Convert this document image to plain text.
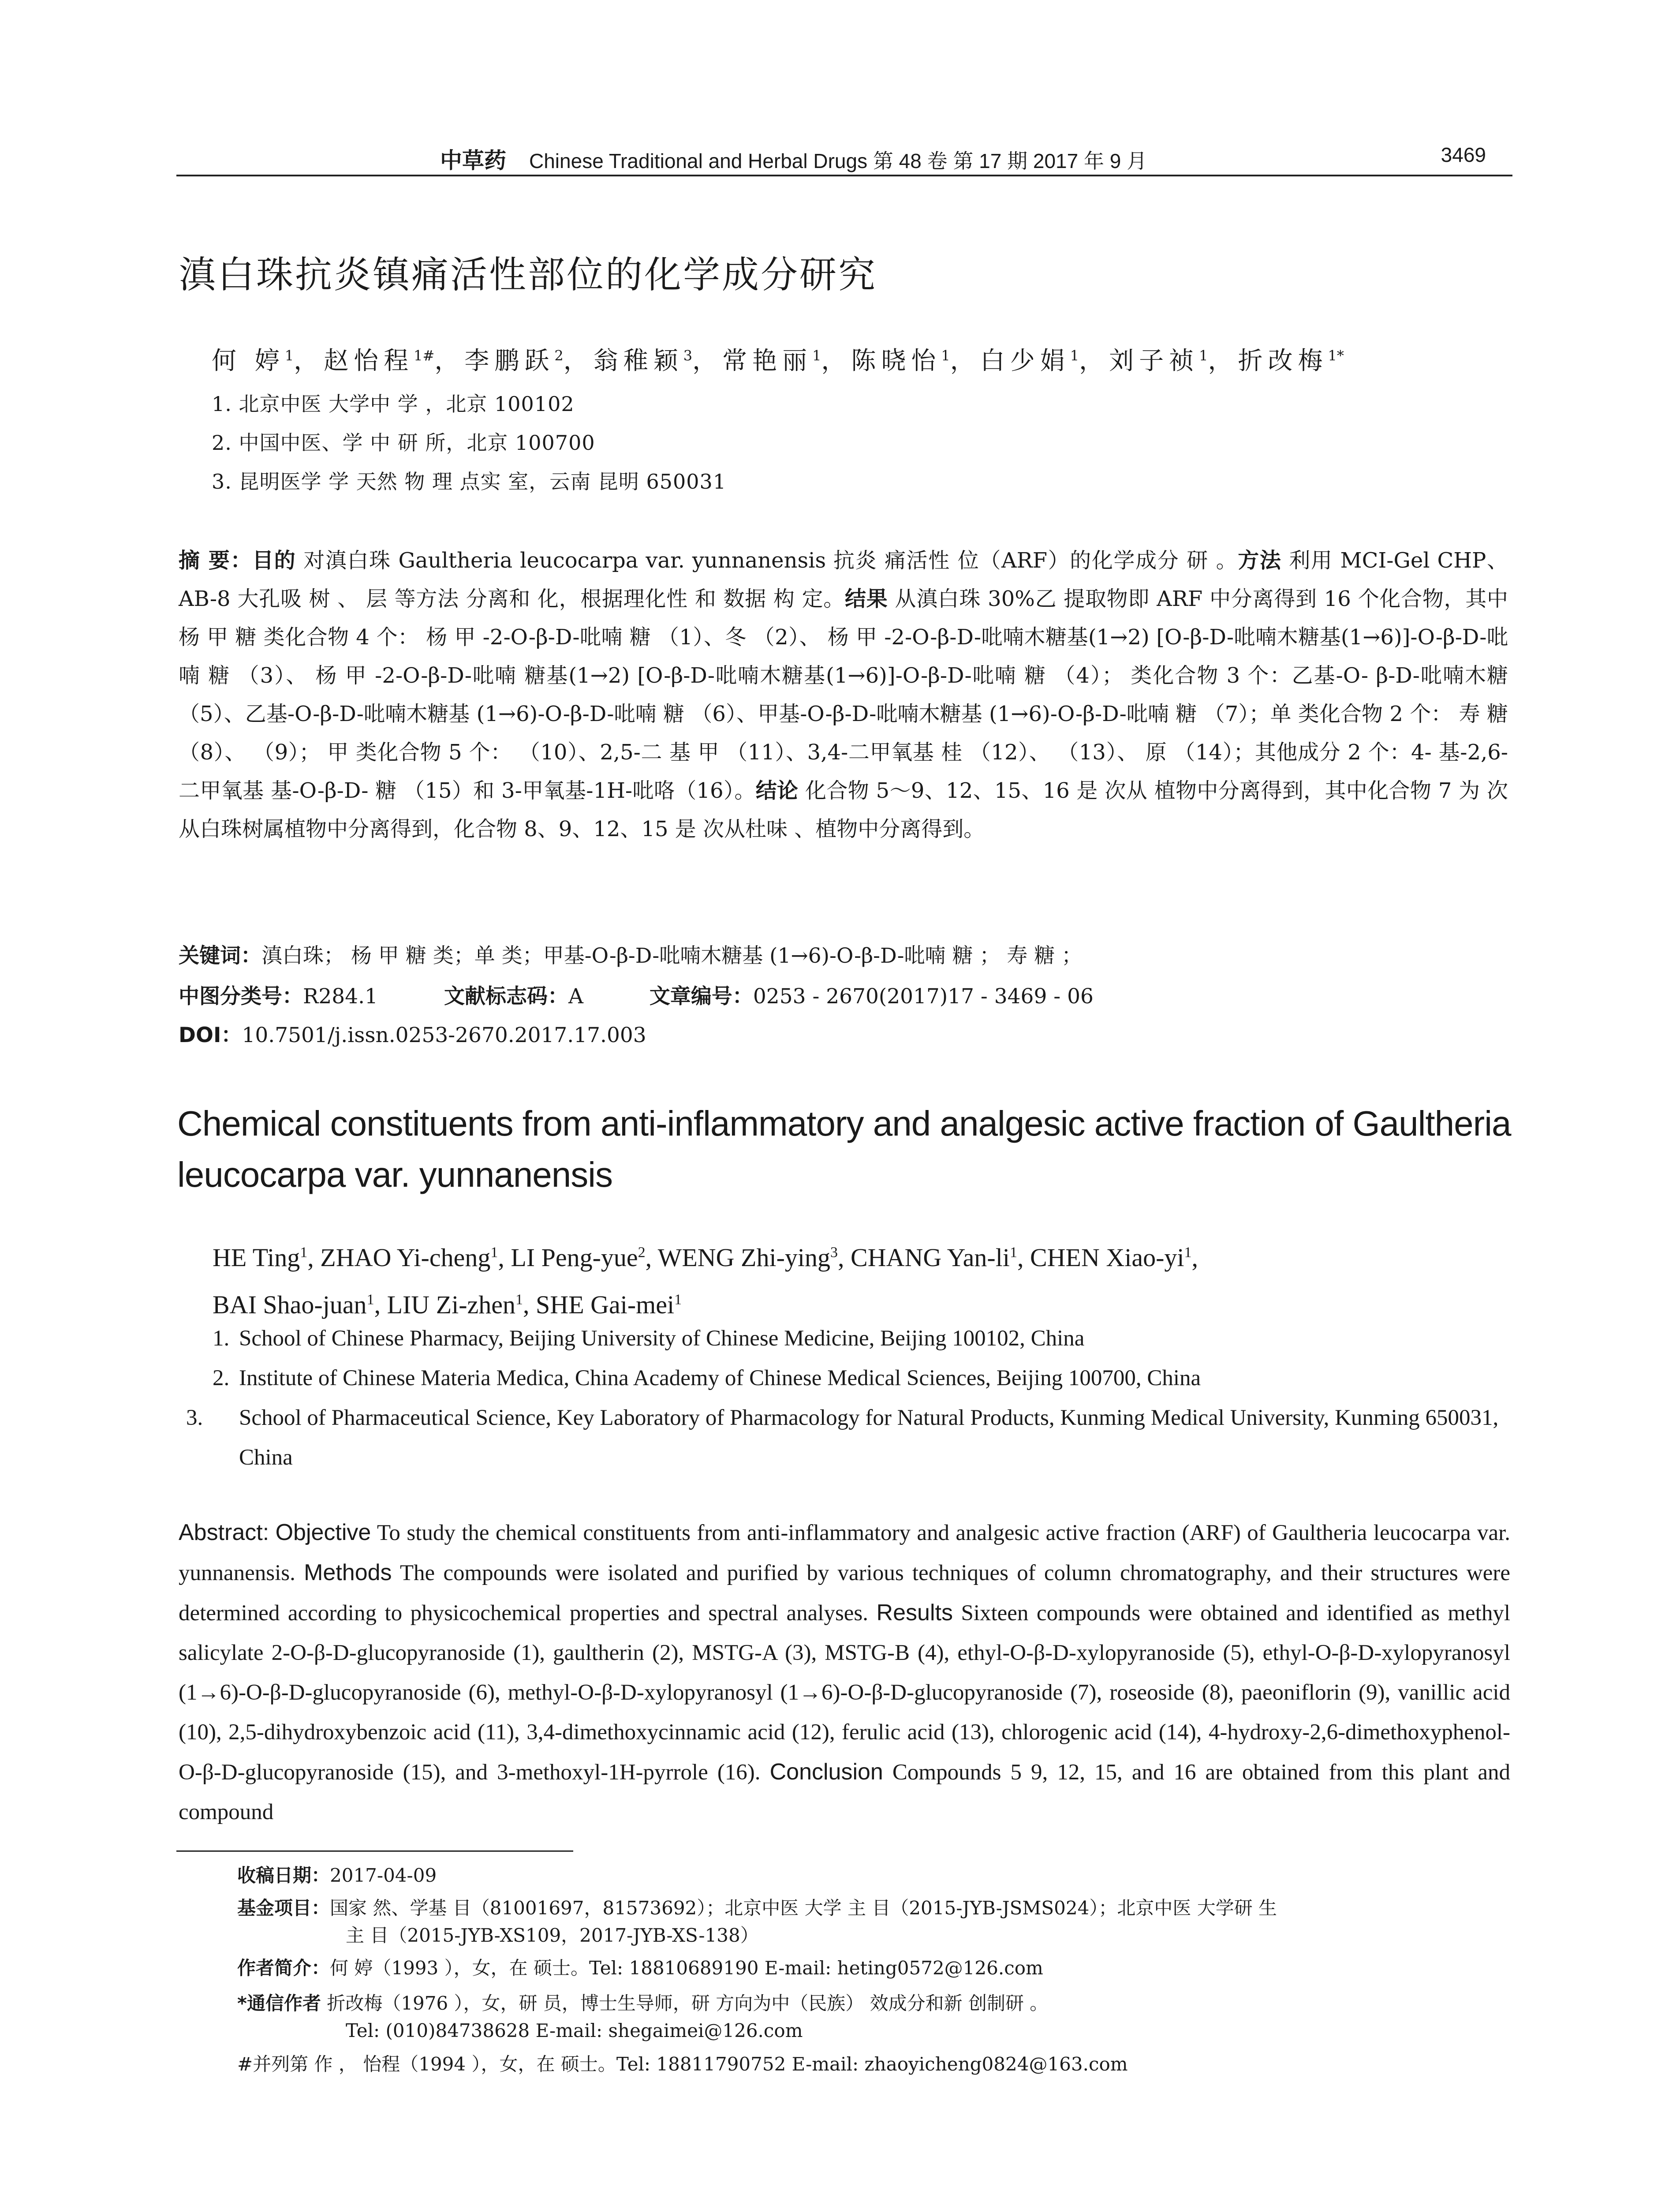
中草药 Chinese Traditional and Herbal Drugs 第 48 卷 第 17 期 2017 年 9 月	3469
滇白珠抗炎镇痛活性部位的化学成分研究
何 婷$^1$，赵怡程$^{1\#}$，李鹏跃$^2$，翁稚颖$^3$，常艳丽$^1$，陈晓怡$^1$，白少娟$^1$，刘子祯$^1$，折改梅$^{1*}$
1. 北京中医 大学中 学 ，北京 100102
2. 中国中医、学 中 研 所，北京 100700
3. 昆明医学 学 天然 物 理 点实 室，云南 昆明 650031
摘 要：目的 对滇白珠 Gaultheria leucocarpa var. yunnanensis 抗炎 痛活性 位（ARF）的化学成分 研 。方法 利用 MCI-Gel CHP、AB-8 大孔吸 树 、 层 等方法 分离和 化，根据理化性 和 数据 构 定。结果 从滇白珠 30%乙 提取物即 ARF 中分离得到 16 个化合物，其中 杨 甲 糖 类化合物 4 个： 杨 甲 -2-O-β-D-吡喃 糖 （1）、冬 （2）、 杨 甲 -2-O-β-D-吡喃木糖基(1→2) [O-β-D-吡喃木糖基(1→6)]-O-β-D-吡喃 糖 （3）、 杨 甲 -2-O-β-D-吡喃 糖基(1→2) [O-β-D-吡喃木糖基(1→6)]-O-β-D-吡喃 糖 （4）； 类化合物 3 个：乙基-O- β-D-吡喃木糖 （5）、乙基-O-β-D-吡喃木糖基 (1→6)-O-β-D-吡喃 糖 （6）、甲基-O-β-D-吡喃木糖基 (1→6)-O-β-D-吡喃 糖 （7）；单 类化合物 2 个： 寿 糖 （8）、 （9）； 甲 类化合物 5 个： （10）、2,5-二 基 甲 （11）、3,4-二甲氧基 桂 （12）、 （13）、 原 （14）；其他成分 2 个：4- 基-2,6-二甲氧基 基-O-β-D- 糖 （15）和 3-甲氧基-1H-吡咯（16）。结论 化合物 5～9、12、15、16 是 次从 植物中分离得到，其中化合物 7 为 次从白珠树属植物中分离得到，化合物 8、9、12、15 是 次从杜味 、植物中分离得到。
关键词：滇白珠； 杨 甲 糖 类；单 类；甲基-O-β-D-吡喃木糖基 (1→6)-O-β-D-吡喃 糖 ； 寿 糖 ；
中图分类号：R284.1	文献标志码：A	文章编号：0253 - 2670(2017)17 - 3469 - 06
DOI：10.7501/j.issn.0253-2670.2017.17.003
Chemical constituents from anti-inflammatory and analgesic active fraction of Gaultheria leucocarpa var. yunnanensis
HE Ting$^1$, ZHAO Yi-cheng$^1$, LI Peng-yue$^2$, WENG Zhi-ying$^3$, CHANG Yan-$li^1$, CHEN Xiao-$yi^1$,
BAI Shao-juan$^1$, LIU Zi-zhen$^1$, SHE Gai-mei$^1$
1. School of Chinese Pharmacy, Beijing University of Chinese Medicine, Beijing 100102, China
2. Institute of Chinese Materia Medica, China Academy of Chinese Medical Sciences, Beijing 100700, China
3. School of Pharmaceutical Science, Key Laboratory of Pharmacology for Natural Products, Kunming Medical University, Kunming 650031, China
Abstract: Objective To study the chemical constituents from anti-inflammatory and analgesic active fraction (ARF) of Gaultheria leucocarpa var. yunnanensis. Methods The compounds were isolated and purified by various techniques of column chromatography, and their structures were determined according to physicochemical properties and spectral analyses. Results Sixteen compounds were obtained and identified as methyl salicylate 2-O-β-D-glucopyranoside (1), gaultherin (2), MSTG-A (3), MSTG-B (4), ethyl-O-β-D-xylopyranoside (5), ethyl-O-β-D-xylopyranosyl (1→6)-O-β-D-glucopyranoside (6), methyl-O-β-D-xylopyranosyl (1→6)-O-β-D-glucopyranoside (7), roseoside (8), paeoniflorin (9), vanillic acid (10), 2,5-dihydroxybenzoic acid (11), 3,4-dimethoxycinnamic acid (12), ferulic acid (13), chlorogenic acid (14), 4-hydroxy-2,6-dimethoxyphenol-O-β-D-glucopyranoside (15), and 3-methoxyl-1H-pyrrole (16). Conclusion Compounds 5 9, 12, 15, and 16 are obtained from this plant and compound
收稿日期：2017-04-09
基金项目：国家 然、学基 目（81001697，81573692）；北京中医 大学 主 目（2015-JYB-JSMS024）；北京中医 大学研 生
主 目（2015-JYB-XS109，2017-JYB-XS-138）
作者简介：何 婷（1993 ），女，在 硕士。Tel: 18810689190 E-mail: heting0572@126.com
*通信作者 折改梅（1976 ），女，研 员，博士生导师，研 方向为中（民族） 效成分和新 创制研 。
Tel: (010)84738628 E-mail: shegaimei@126.com
#并列第 作 ， 怡程（1994 ），女，在 硕士。Tel: 18811790752 E-mail: zhaoyicheng0824@163.com
